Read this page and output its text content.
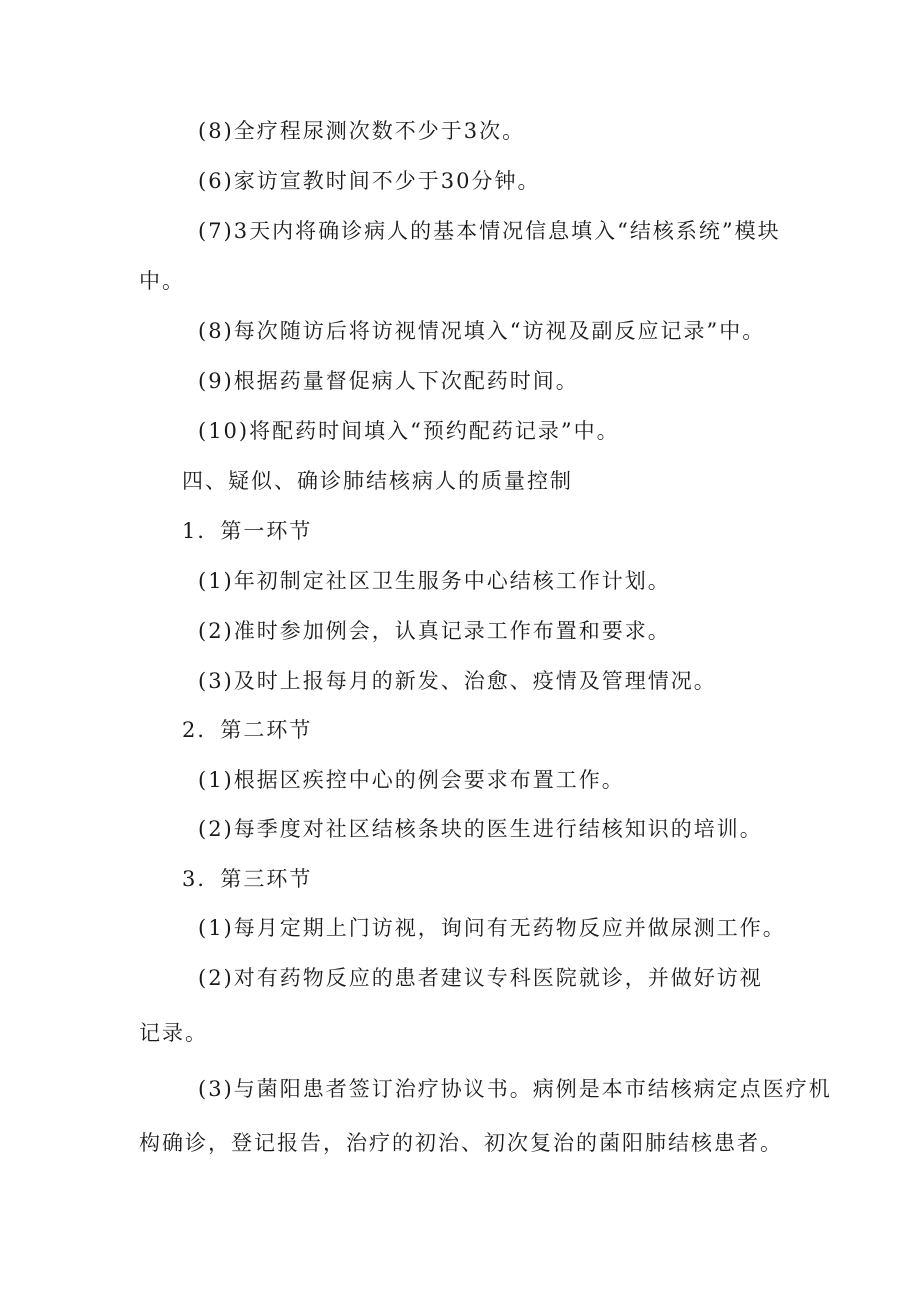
(8)全疗程尿测次数不少于3次。
(6)家访宣教时间不少于30分钟。
(7)3天内将确诊病人的基本情况信息填入“结核系统”模块
中。
(8)每次随访后将访视情况填入“访视及副反应记录”中。
(9)根据药量督促病人下次配药时间。
(10)将配药时间填入“预约配药记录”中。
四、疑似、确诊肺结核病人的质量控制
1．第一环节
(1)年初制定社区卫生服务中心结核工作计划。
(2)准时参加例会，认真记录工作布置和要求。
(3)及时上报每月的新发、治愈、疫情及管理情况。
2．第二环节
(1)根据区疾控中心的例会要求布置工作。
(2)每季度对社区结核条块的医生进行结核知识的培训。
3．第三环节
(1)每月定期上门访视，询问有无药物反应并做尿测工作。
(2)对有药物反应的患者建议专科医院就诊，并做好访视
记录。
(3)与菌阳患者签订治疗协议书。病例是本市结核病定点医疗机
构确诊，登记报告，治疗的初治、初次复治的菌阳肺结核患者。
